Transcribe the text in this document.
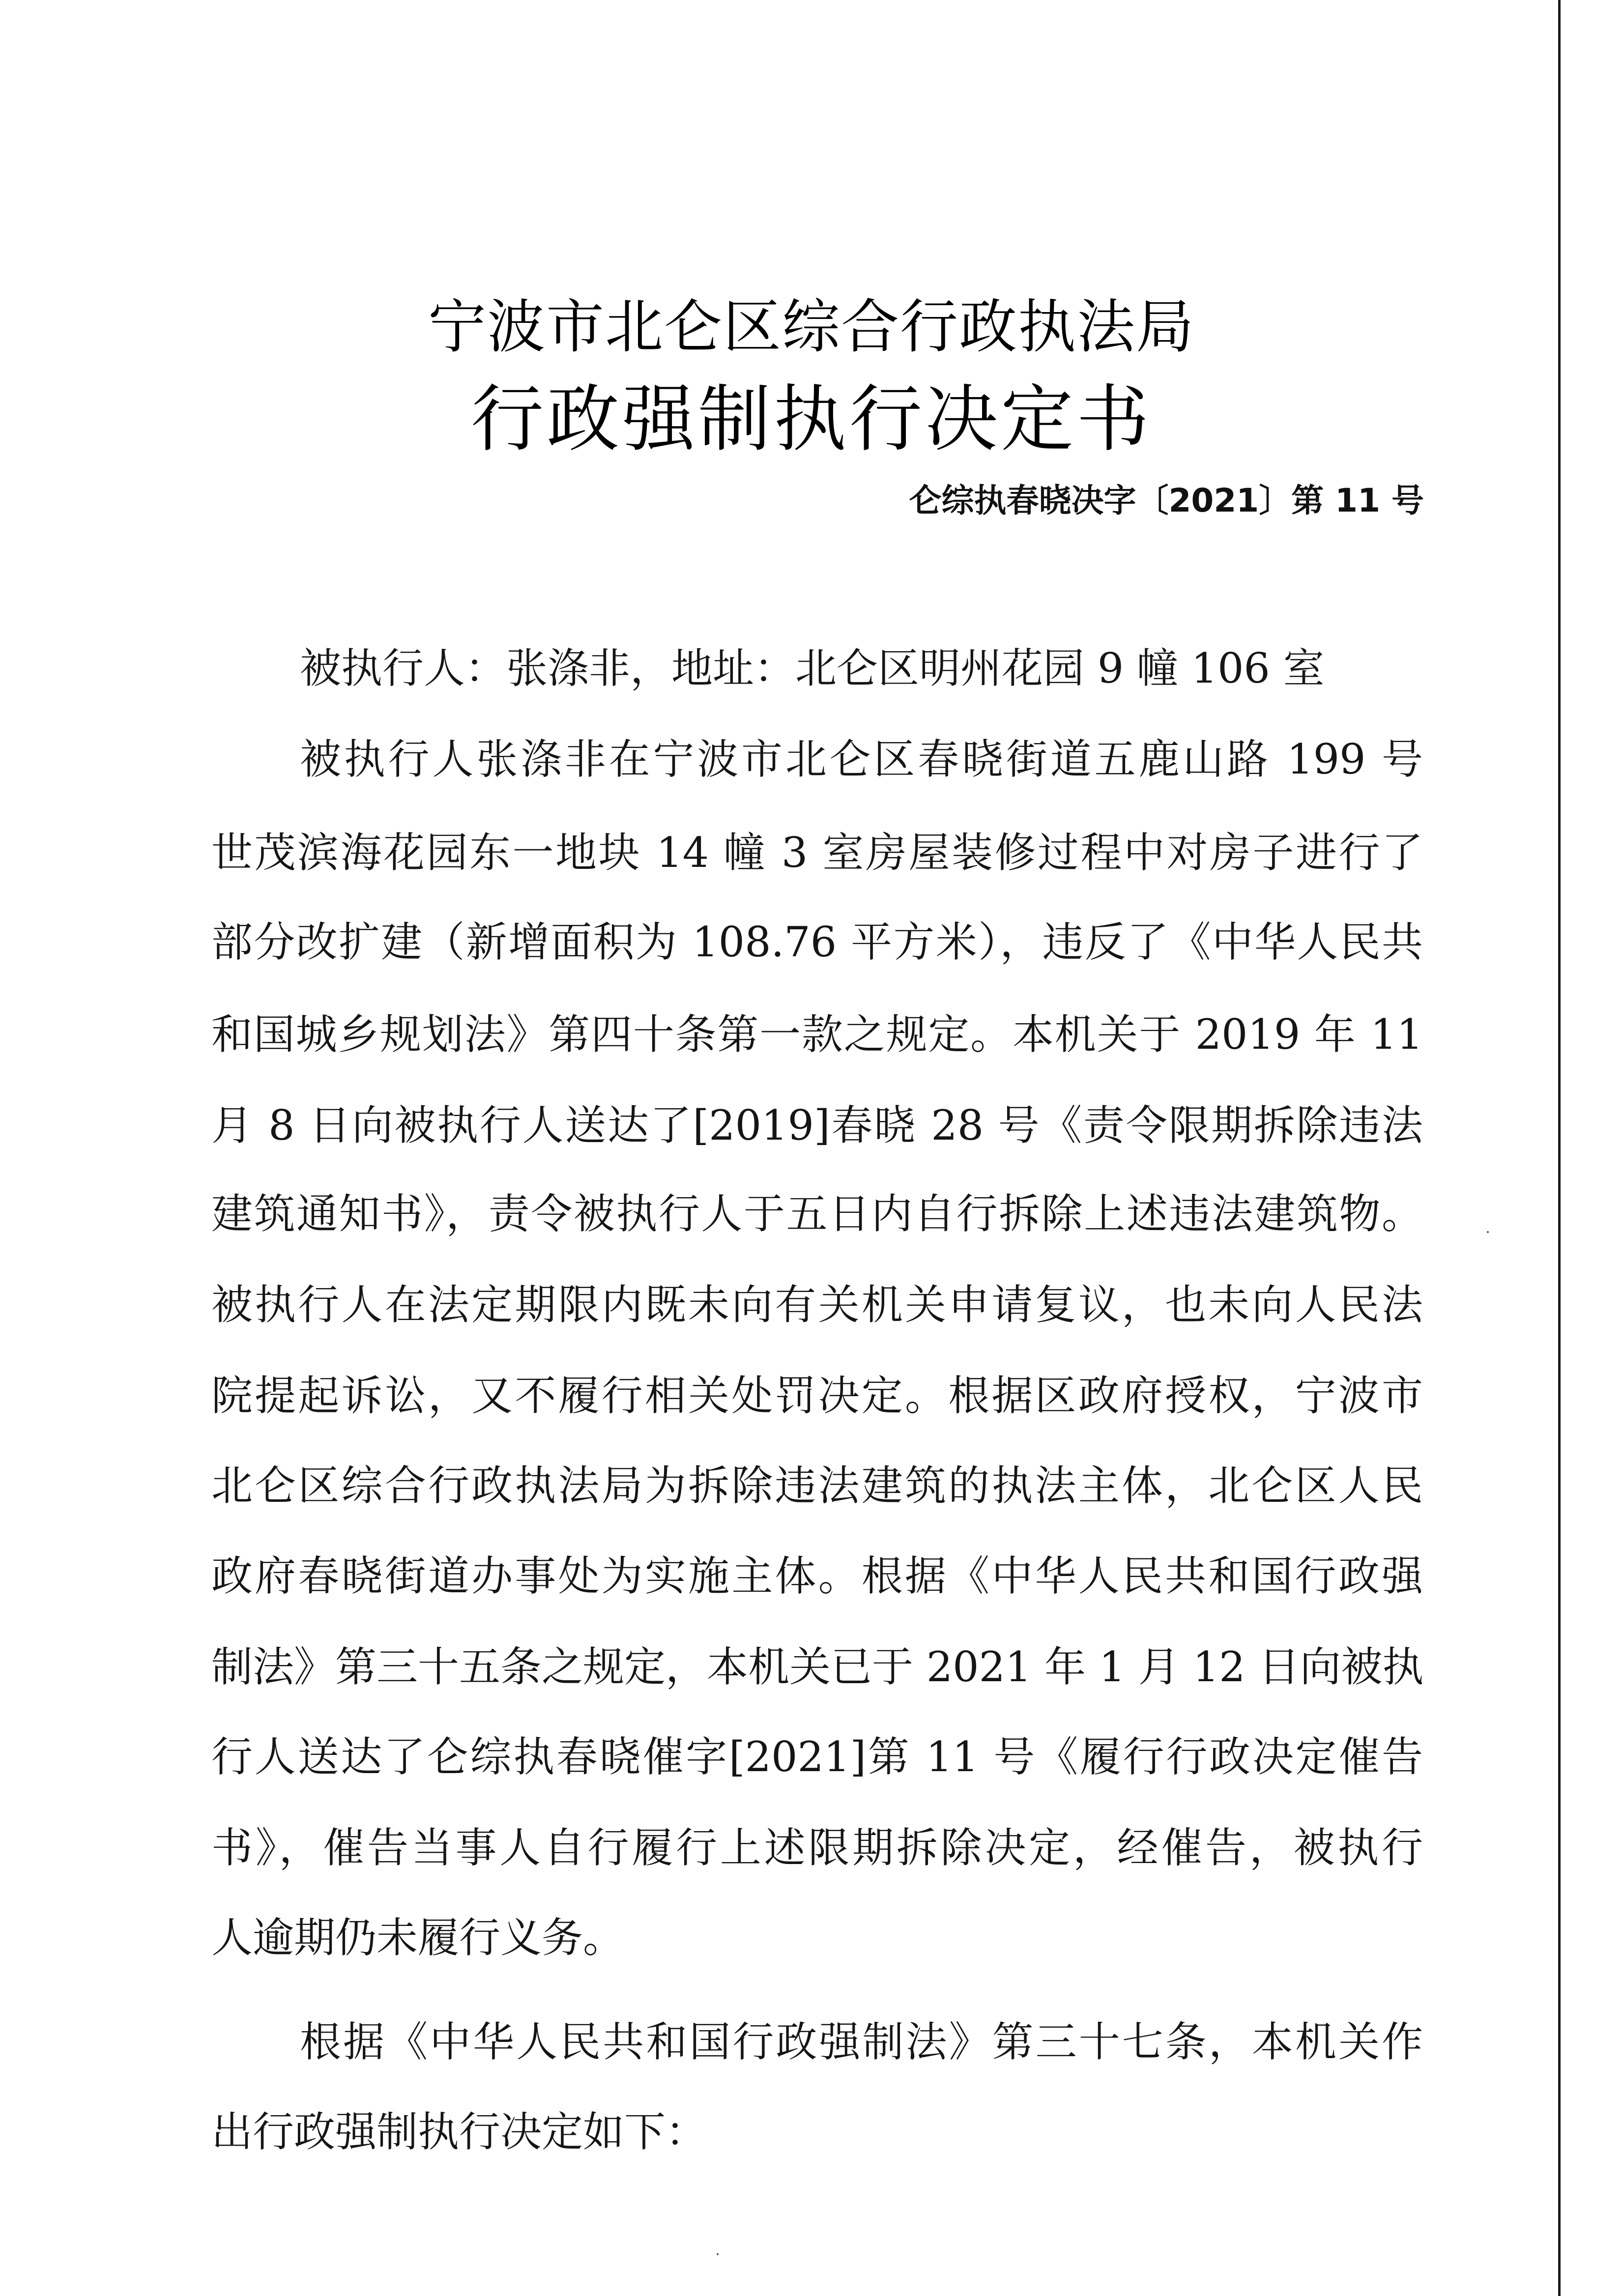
宁波市北仑区综合行政执法局
行政强制执行决定书
仑综执春晓决字〔2021〕第 11 号
被执行人：张涤非，地址：北仑区明州花园 9 幢 106 室
被执行人张涤非在宁波市北仑区春晓街道五鹿山路 199 号
世茂滨海花园东一地块 14 幢 3 室房屋装修过程中对房子进行了
部分改扩建（新增面积为 108.76 平方米），违反了《中华人民共
和国城乡规划法》第四十条第一款之规定。本机关于 2019 年 11
月 8 日向被执行人送达了[2019]春晓 28 号《责令限期拆除违法
建筑通知书》，责令被执行人于五日内自行拆除上述违法建筑物。
被执行人在法定期限内既未向有关机关申请复议，也未向人民法
院提起诉讼，又不履行相关处罚决定。根据区政府授权，宁波市
北仑区综合行政执法局为拆除违法建筑的执法主体，北仑区人民
政府春晓街道办事处为实施主体。根据《中华人民共和国行政强
制法》第三十五条之规定，本机关已于 2021 年 1 月 12 日向被执
行人送达了仑综执春晓催字[2021]第 11 号《履行行政决定催告
书》，催告当事人自行履行上述限期拆除决定，经催告，被执行
人逾期仍未履行义务。
根据《中华人民共和国行政强制法》第三十七条，本机关作
出行政强制执行决定如下：
